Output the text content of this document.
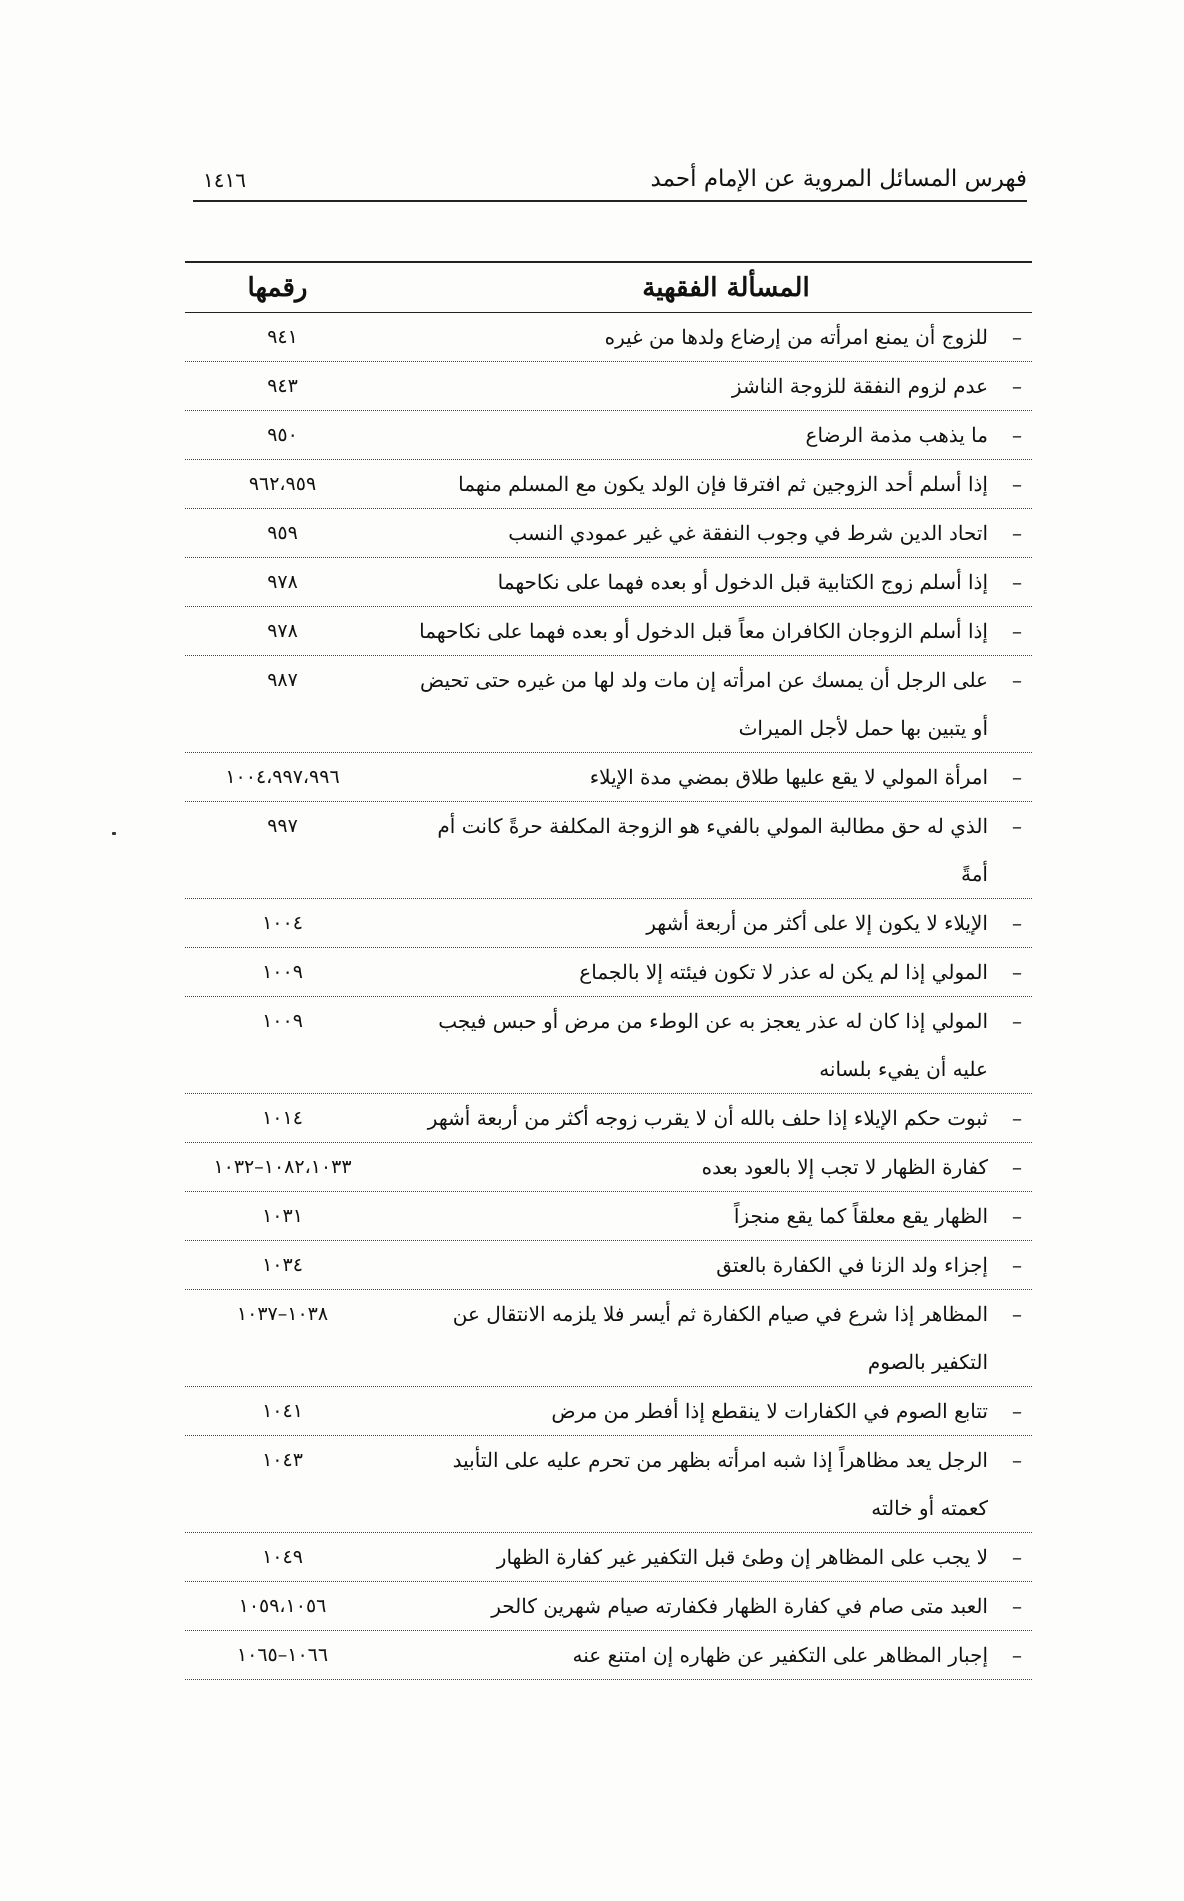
فهرس المسائل المروية عن الإمام أحمد
١٤١٦
المسألة الفقهية
رقمها
–
للزوج أن يمنع امرأته من إرضاع ولدها من غيره
٩٤١
–
عدم لزوم النفقة للزوجة الناشز
٩٤٣
–
ما يذهب مذمة الرضاع
٩٥٠
–
إذا أسلم أحد الزوجين ثم افترقا فإن الولد يكون مع المسلم منهما
٩٦٢،٩٥٩
–
اتحاد الدين شرط في وجوب النفقة غي غير عمودي النسب
٩٥٩
–
إذا أسلم زوج الكتابية قبل الدخول أو بعده فهما على نكاحهما
٩٧٨
–
إذا أسلم الزوجان الكافران معاً قبل الدخول أو بعده فهما على نكاحهما
٩٧٨
–
على الرجل أن يمسك عن امرأته إن مات ولد لها من غيره حتى تحيض أو يتبين بها حمل لأجل الميراث
٩٨٧
–
امرأة المولي لا يقع عليها طلاق بمضي مدة الإيلاء
١٠٠٤،٩٩٧،٩٩٦
–
الذي له حق مطالبة المولي بالفيء هو الزوجة المكلفة حرةً كانت أم أمةً
٩٩٧
–
الإيلاء لا يكون إلا على أكثر من أربعة أشهر
١٠٠٤
–
المولي إذا لم يكن له عذر لا تكون فيئته إلا بالجماع
١٠٠٩
–
المولي إذا كان له عذر يعجز به عن الوطء من مرض أو حبس فيجب عليه أن يفيء بلسانه
١٠٠٩
–
ثبوت حكم الإيلاء إذا حلف بالله أن لا يقرب زوجه أكثر من أربعة أشهر
١٠١٤
–
كفارة الظهار لا تجب إلا بالعود بعده
١٠٨٢،١٠٣٣–١٠٣٢
–
الظهار يقع معلقاً كما يقع منجزاً
١٠٣١
–
إجزاء ولد الزنا في الكفارة بالعتق
١٠٣٤
–
المظاهر إذا شرع في صيام الكفارة ثم أيسر فلا يلزمه الانتقال عن التكفير بالصوم
١٠٣٨–١٠٣٧
–
تتابع الصوم في الكفارات لا ينقطع إذا أفطر من مرض
١٠٤١
–
الرجل يعد مظاهراً إذا شبه امرأته بظهر من تحرم عليه على التأبيد كعمته أو خالته
١٠٤٣
–
لا يجب على المظاهر إن وطئ قبل التكفير غير كفارة الظهار
١٠٤٩
–
العبد متى صام في كفارة الظهار فكفارته صيام شهرين كالحر
١٠٥٩،١٠٥٦
–
إجبار المظاهر على التكفير عن ظهاره إن امتنع عنه
١٠٦٦–١٠٦٥
